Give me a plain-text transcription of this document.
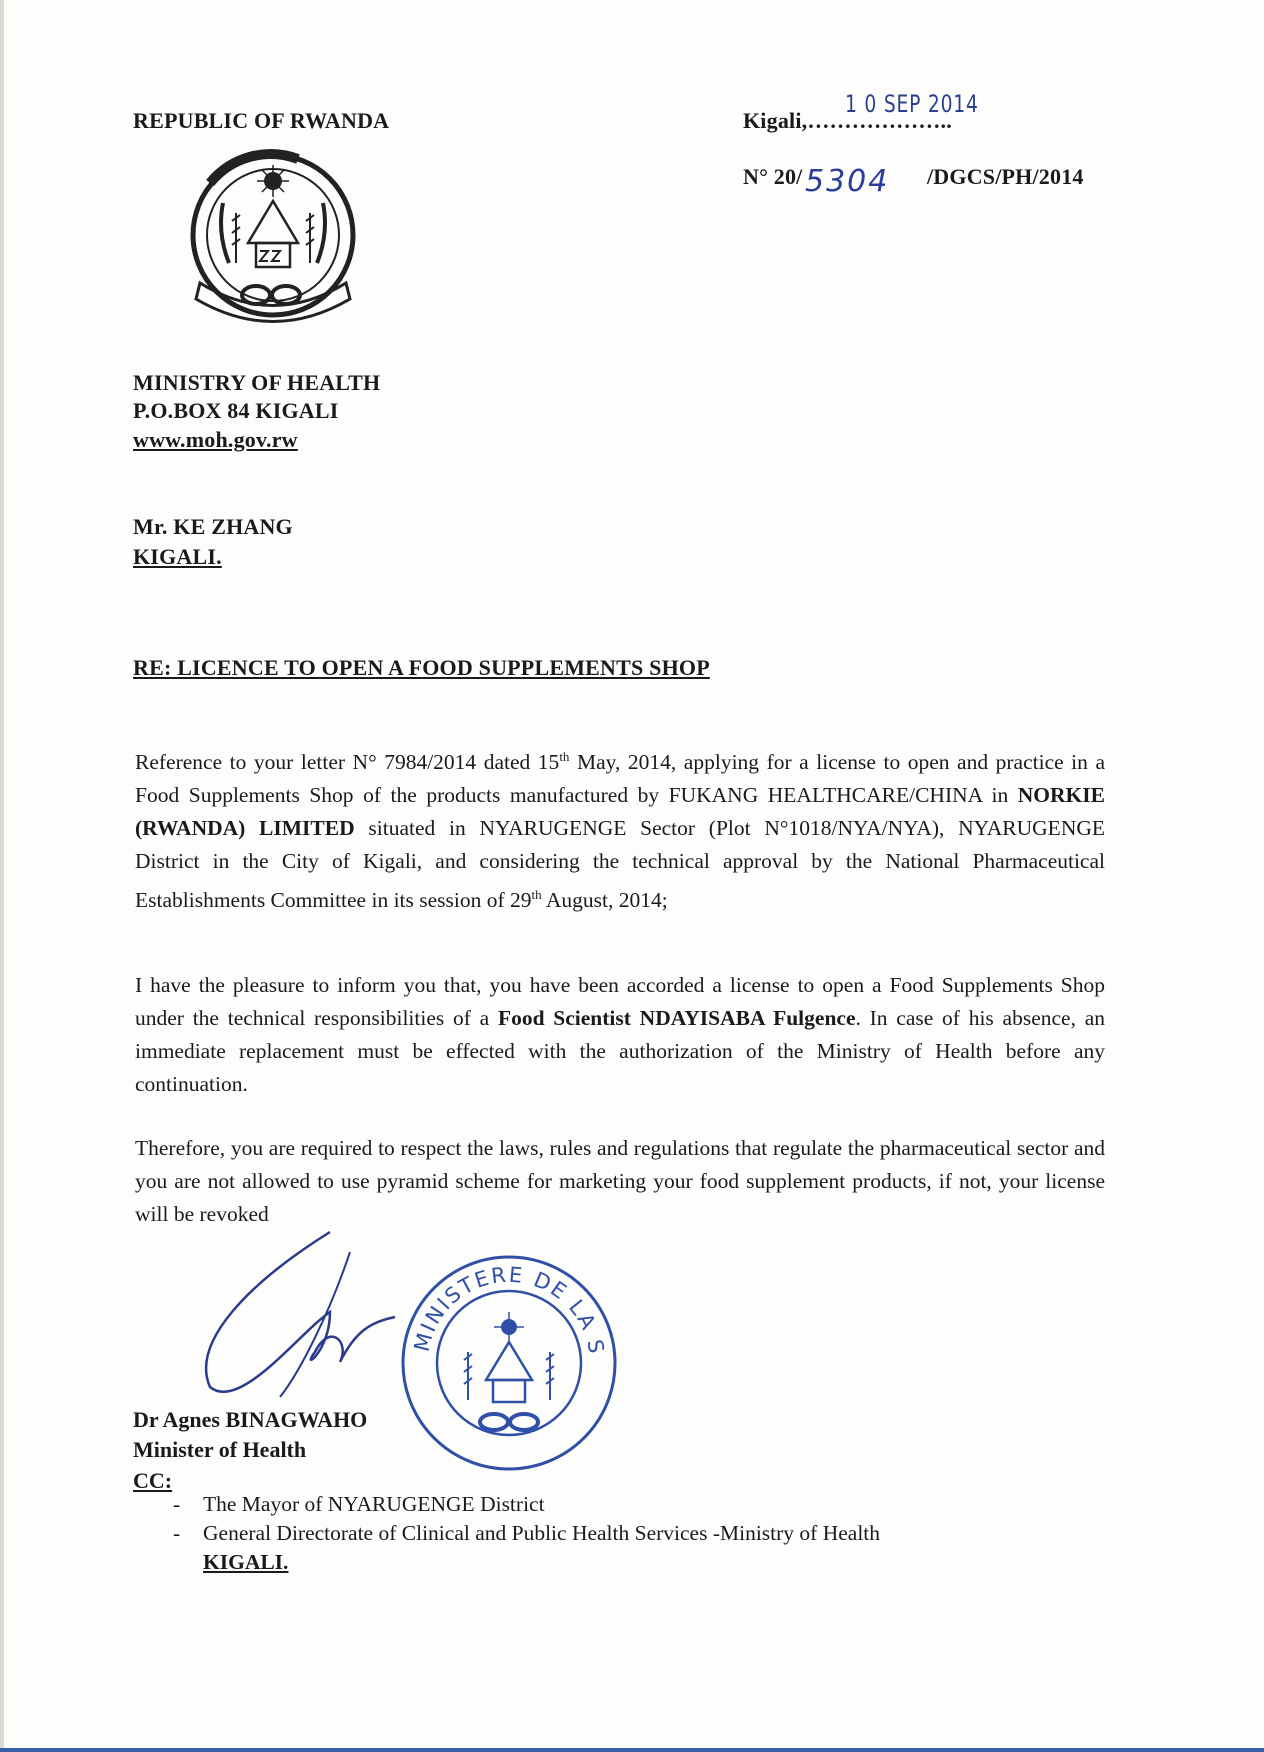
REPUBLIC OF RWANDA
MINISTRY OF HEALTH
P.O.BOX 84 KIGALI
www.moh.gov.rw
Kigali,………………..
1 0 SEP 2014
N° 20/ 5304 /DGCS/PH/2014
Mr. KE ZHANG
KIGALI.
RE: LICENCE TO OPEN A FOOD SUPPLEMENTS SHOP

Reference to your letter N° 7984/2014 dated 15th May, 2014, applying for a license to open and practice in a Food Supplements Shop of the products manufactured by FUKANG HEALTHCARE/CHINA in NORKIE (RWANDA) LIMITED situated in NYARUGENGE Sector (Plot N°1018/NYA/NYA), NYARUGENGE District in the City of Kigali, and considering the technical approval by the National Pharmaceutical Establishments Committee in its session of 29th August, 2014;

I have the pleasure to inform you that, you have been accorded a license to open a Food Supplements Shop under the technical responsibilities of a Food Scientist NDAYISABA Fulgence. In case of his absence, an immediate replacement must be effected with the authorization of the Ministry of Health before any continuation.

Therefore, you are required to respect the laws, rules and regulations that regulate the pharmaceutical sector and you are not allowed to use pyramid scheme for marketing your food supplement products, if not, your license will be revoked

MINISTERE DE LA S
Dr Agnes BINAGWAHO
Minister of Health
CC:
- The Mayor of NYARUGENGE District
- General Directorate of Clinical and Public Health Services -Ministry of Health
KIGALI.
